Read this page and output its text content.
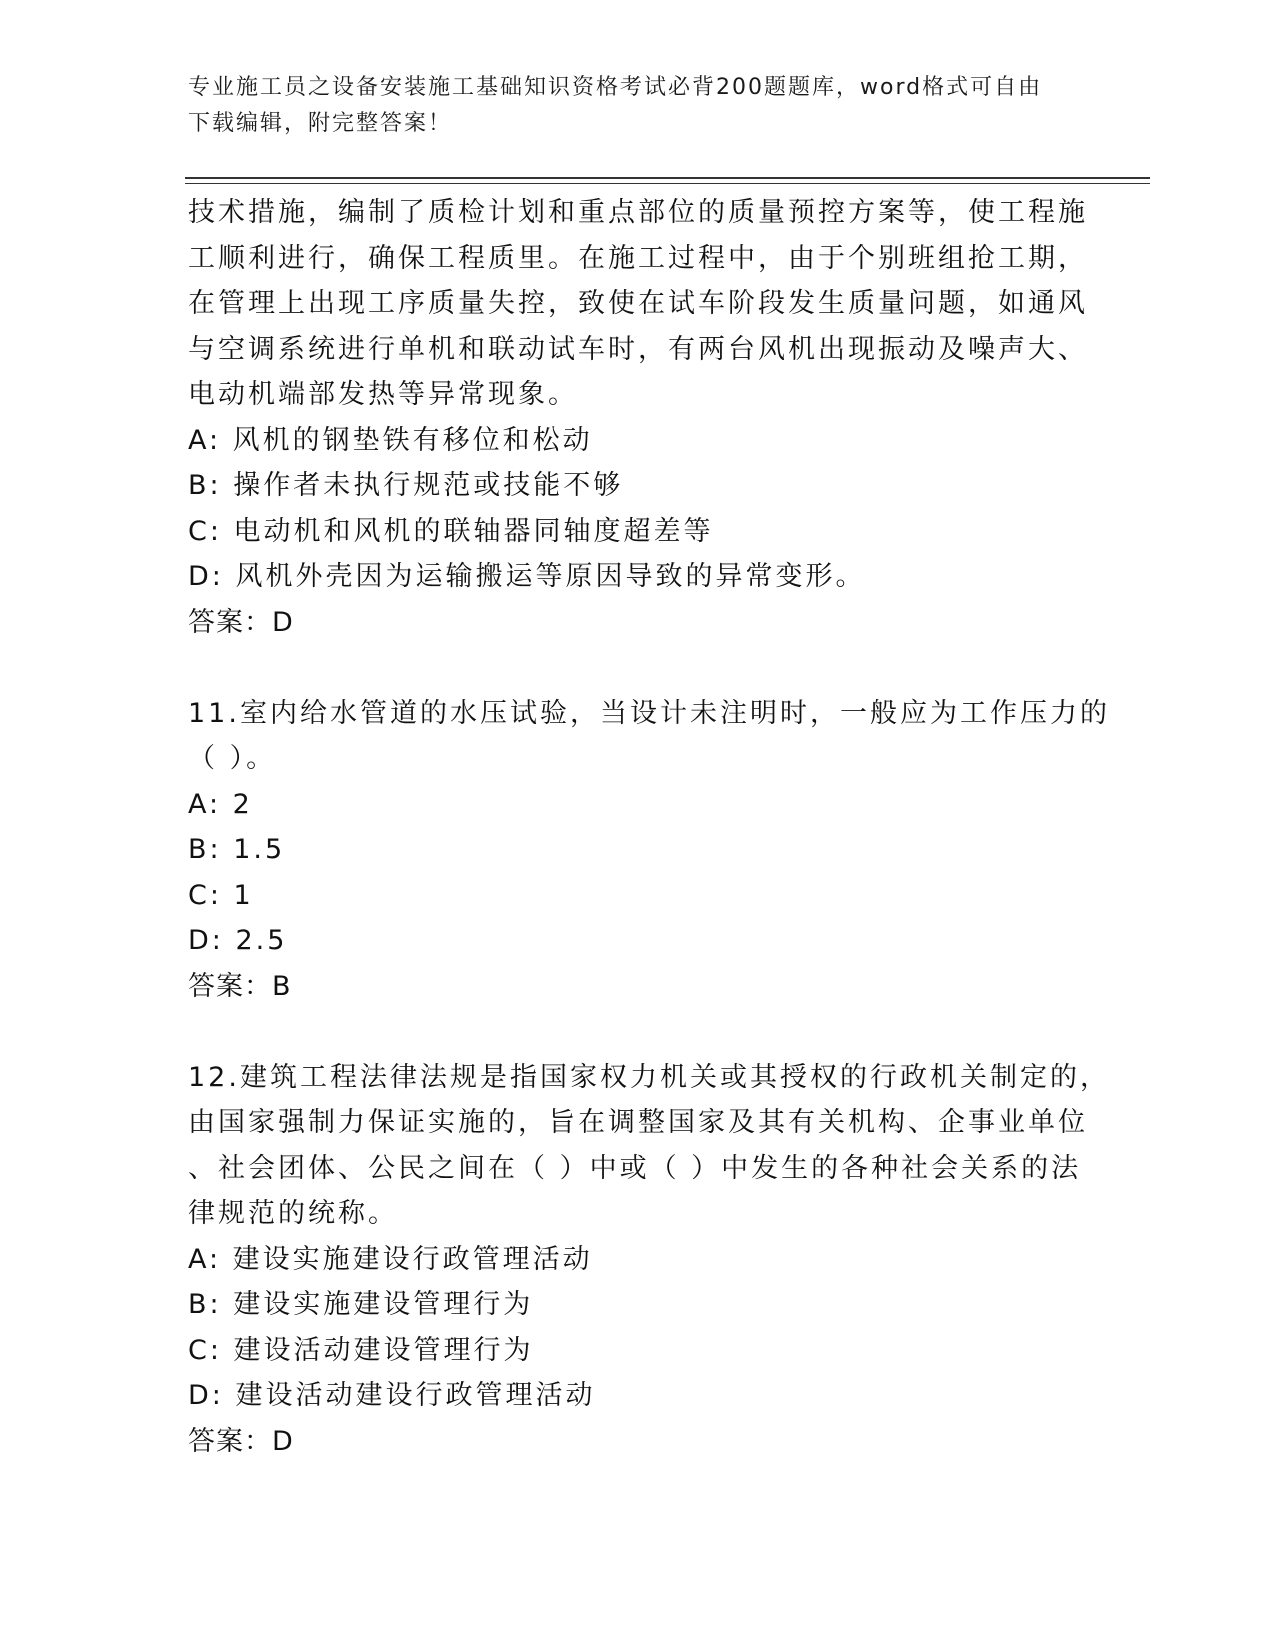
专业施工员之设备安装施工基础知识资格考试必背200题题库，word格式可自由
下载编辑，附完整答案！
技术措施，编制了质检计划和重点部位的质量预控方案等，使工程施
工顺利进行，确保工程质里。在施工过程中，由于个别班组抢工期，
在管理上出现工序质量失控，致使在试车阶段发生质量问题，如通风
与空调系统进行单机和联动试车时，有两台风机出现振动及噪声大、
电动机端部发热等异常现象。
A: 风机的钢垫铁有移位和松动
B: 操作者未执行规范或技能不够
C: 电动机和风机的联轴器同轴度超差等
D: 风机外壳因为运输搬运等原因导致的异常变形。
答案：D
11.室内给水管道的水压试验，当设计未注明时，一般应为工作压力的
（ ）。
A: 2
B: 1.5
C: 1
D: 2.5
答案：B
12.建筑工程法律法规是指国家权力机关或其授权的行政机关制定的，
由国家强制力保证实施的，旨在调整国家及其有关机构、企事业单位
、社会团体、公民之间在（ ）中或（ ）中发生的各种社会关系的法
律规范的统称。
A: 建设实施建设行政管理活动
B: 建设实施建设管理行为
C: 建设活动建设管理行为
D: 建设活动建设行政管理活动
答案：D
